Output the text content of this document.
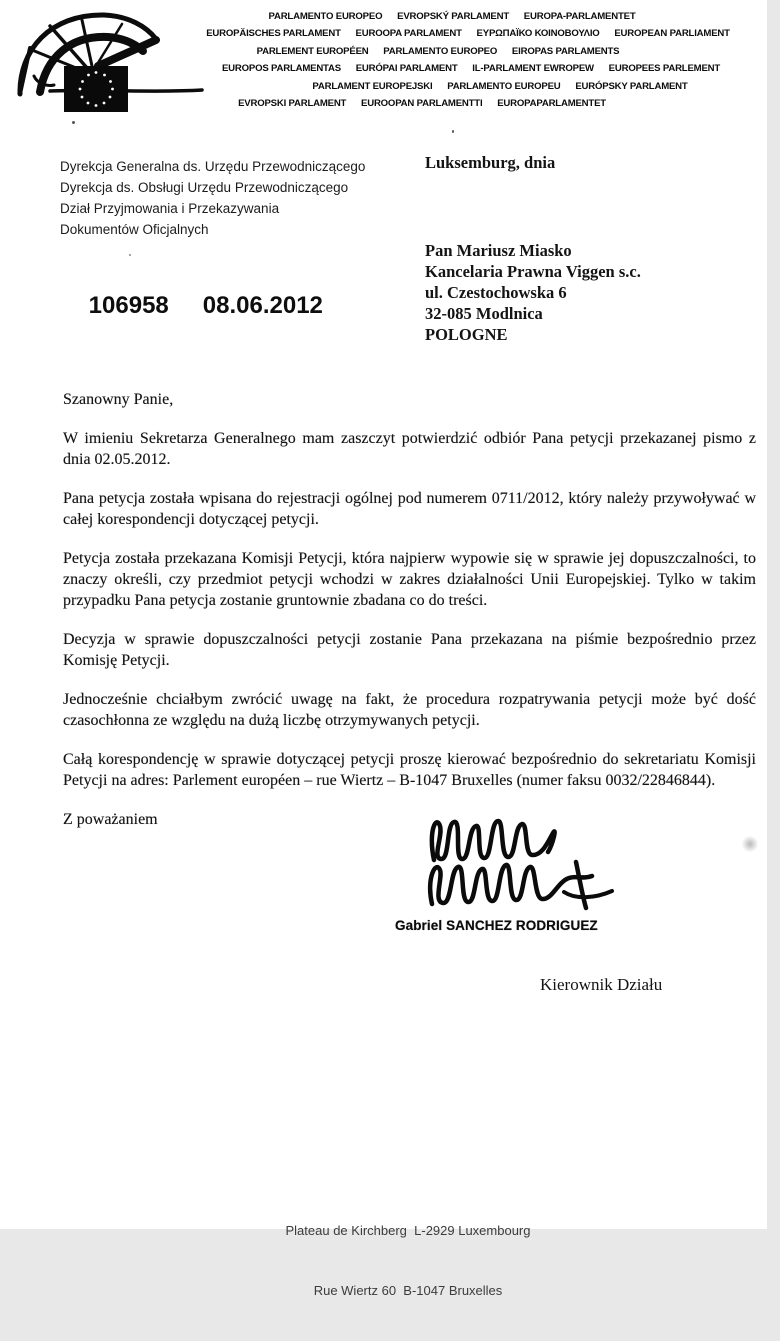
PARLAMENTO EUROPEO      EVROPSKÝ PARLAMENT      EUROPA-PARLAMENTET
EUROPÄISCHES PARLAMENT      EUROOPA PARLAMENT      ΕΥΡΩΠΑΪΚΟ ΚΟΙΝΟΒΟΥΛΙΟ      EUROPEAN PARLIAMENT
PARLEMENT EUROPÉEN      PARLAMENTO EUROPEO      EIROPAS PARLAMENTS
EUROPOS PARLAMENTAS      EURÓPAI PARLAMENT      IL-PARLAMENT EWROPEW      EUROPEES PARLEMENT
PARLAMENT EUROPEJSKI      PARLAMENTO EUROPEU      EURÓPSKY PARLAMENT
EVROPSKI PARLAMENT      EUROOPAN PARLAMENTTI      EUROPAPARLAMENTET
Dyrekcja Generalna ds. Urzędu Przewodniczącego
Dyrekcja ds. Obsługi Urzędu Przewodniczącego
Dział Przyjmowania i Przekazywania
Dokumentów Oficjalnych

106958 08.06.2012

Luksemburg, dnia
Pan Mariusz Miasko
Kancelaria Prawna Viggen s.c.
ul. Czestochowska 6
32-085 Modlnica
POLOGNE

Szanowny Panie,

W imieniu Sekretarza Generalnego mam zaszczyt potwierdzić odbiór Pana petycji przekazanej pismo z dnia 02.05.2012.

Pana petycja została wpisana do rejestracji ogólnej pod numerem 0711/2012, który należy przywoływać w całej korespondencji dotyczącej petycji.

Petycja została przekazana Komisji Petycji, która najpierw wypowie się w sprawie jej dopuszczalności, to znaczy określi, czy przedmiot petycji wchodzi w zakres działalności Unii Europejskiej. Tylko w takim przypadku Pana petycja zostanie gruntownie zbadana co do treści.

Decyzja w sprawie dopuszczalności petycji zostanie Pana przekazana na piśmie bezpośrednio przez Komisję Petycji.

Jednocześnie chciałbym zwrócić uwagę na fakt, że procedura rozpatrywania petycji może być dość czasochłonna ze względu na dużą liczbę otrzymywanych petycji.

Całą korespondencję w sprawie dotyczącej petycji proszę kierować bezpośrednio do sekretariatu Komisji Petycji na adres: Parlement européen – rue Wiertz – B-1047 Bruxelles (numer faksu 0032/22846844).

Z poważaniem

Gabriel SANCHEZ RODRIGUEZ
Kierownik Działu

Plateau de Kirchberg  L-2929 Luxembourg

Rue Wiertz 60  B-1047 Bruxelles
